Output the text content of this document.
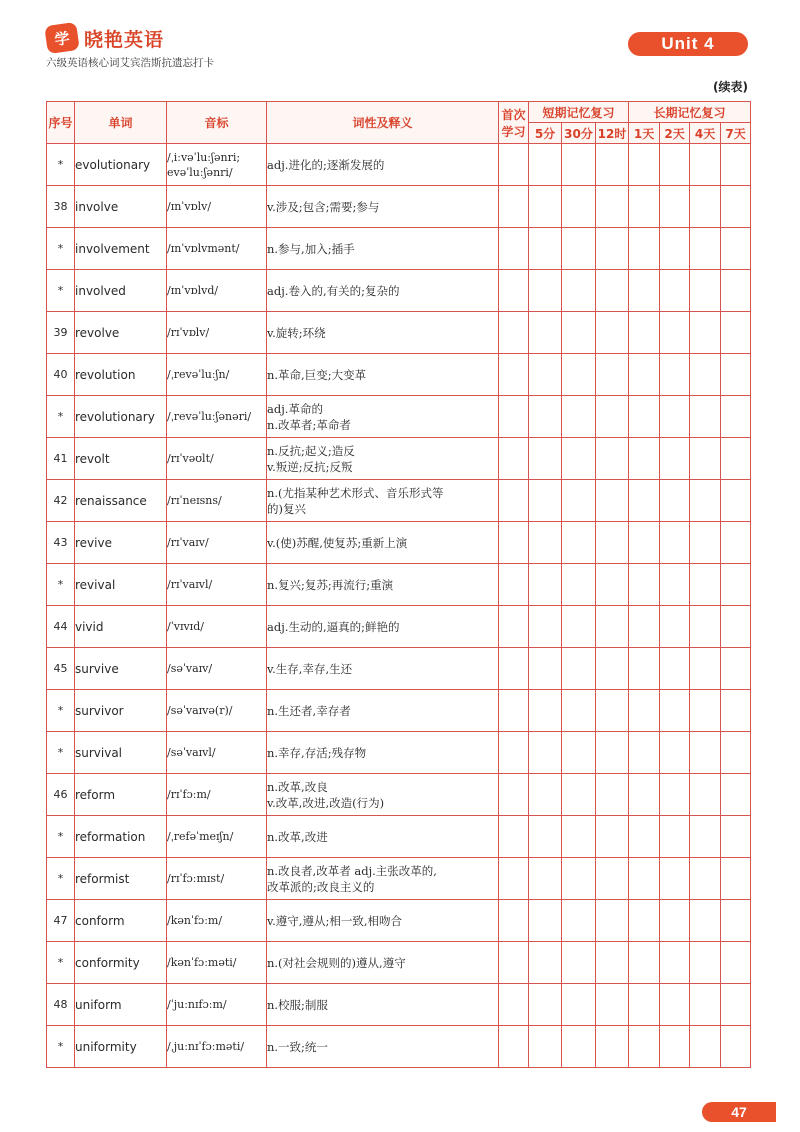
学 晓艳英语
六级英语核心词艾宾浩斯抗遗忘打卡
Unit 4
(续表)
序号	单词	音标	词性及释义	首次学习	短期记忆复习			长期记忆复习			
					5分	30分	12时	1天	2天	4天	7天
*	evolutionary	/ˌiːvəˈluːʃənri;
evəˈluːʃənri/	adj.进化的;逐渐发展的								

38	involve	/ɪnˈvɒlv/	v.涉及;包含;需要;参与								

*	involvement	/ɪnˈvɒlvmənt/	n.参与,加入;插手								

*	involved	/ɪnˈvɒlvd/	adj.卷入的,有关的;复杂的								

39	revolve	/rɪˈvɒlv/	v.旋转;环绕								

40	revolution	/ˌrevəˈluːʃn/	n.革命,巨变;大变革								

*	revolutionary	/ˌrevəˈluːʃənəri/	adj.革命的
n.改革者;革命者								

41	revolt	/rɪˈvəʊlt/	n.反抗;起义;造反
v.叛逆;反抗;反叛								

42	renaissance	/rɪˈneɪsns/	n.(尤指某种艺术形式、音乐形式等
的)复兴								

43	revive	/rɪˈvaɪv/	v.(使)苏醒,使复苏;重新上演								

*	revival	/rɪˈvaɪvl/	n.复兴;复苏;再流行;重演								

44	vivid	/ˈvɪvɪd/	adj.生动的,逼真的;鲜艳的								

45	survive	/səˈvaɪv/	v.生存,幸存,生还								

*	survivor	/səˈvaɪvə(r)/	n.生还者,幸存者								

*	survival	/səˈvaɪvl/	n.幸存,存活;残存物								

46	reform	/rɪˈfɔːm/	n.改革,改良
v.改革,改进,改造(行为)								

*	reformation	/ˌrefəˈmeɪʃn/	n.改革,改进								

*	reformist	/rɪˈfɔːmɪst/	n.改良者,改革者 adj.主张改革的,
改革派的;改良主义的								

47	conform	/kənˈfɔːm/	v.遵守,遵从;相一致,相吻合								

*	conformity	/kənˈfɔːməti/	n.(对社会规则的)遵从,遵守								

48	uniform	/ˈjuːnɪfɔːm/	n.校服;制服								

*	uniformity	/ˌjuːnɪˈfɔːməti/	n.一致;统一								

47
